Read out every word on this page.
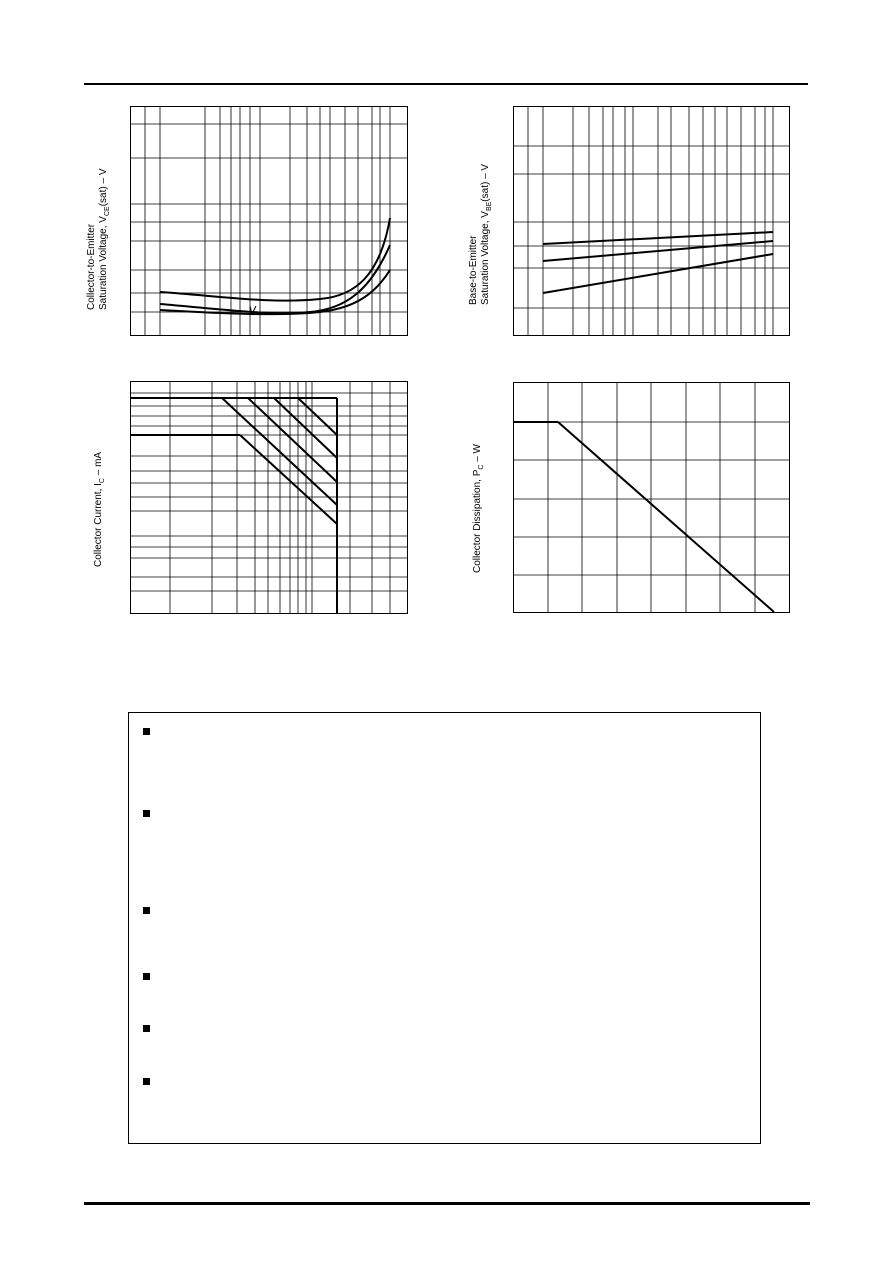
Collector-to-Emitter Saturation Voltage, $V_{CE}(sat)$ – V
Base-to-Emitter Saturation Voltage, $V_{BE}(sat)$ – V
Collector Current, $I_C$ – mA
Collector Dissipation, $P_C$ – W
